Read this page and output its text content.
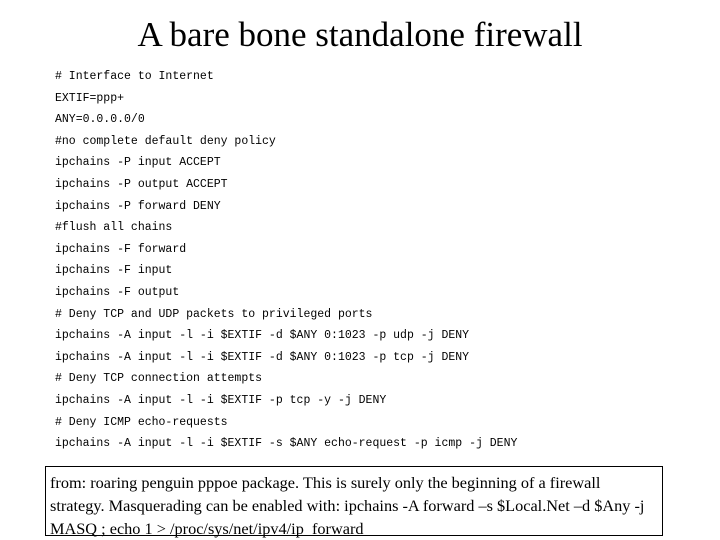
A bare bone standalone firewall
# Interface to Internet
EXTIF=ppp+
ANY=0.0.0.0/0
#no complete default deny policy
ipchains -P input ACCEPT
ipchains -P output ACCEPT
ipchains -P forward DENY
#flush all chains
ipchains -F forward
ipchains -F input
ipchains -F output
# Deny TCP and UDP packets to privileged ports
ipchains -A input -l -i $EXTIF -d $ANY 0:1023 -p udp -j DENY
ipchains -A input -l -i $EXTIF -d $ANY 0:1023 -p tcp -j DENY
# Deny TCP connection attempts
ipchains -A input -l -i $EXTIF -p tcp -y -j DENY
# Deny ICMP echo-requests
ipchains -A input -l -i $EXTIF -s $ANY echo-request -p icmp -j DENY
from: roaring penguin pppoe package. This is surely only the beginning of a firewall strategy. Masquerading can be enabled with: ipchains -A forward –s $Local.Net –d $Any -j MASQ ; echo 1 > /proc/sys/net/ipv4/ip_forward
